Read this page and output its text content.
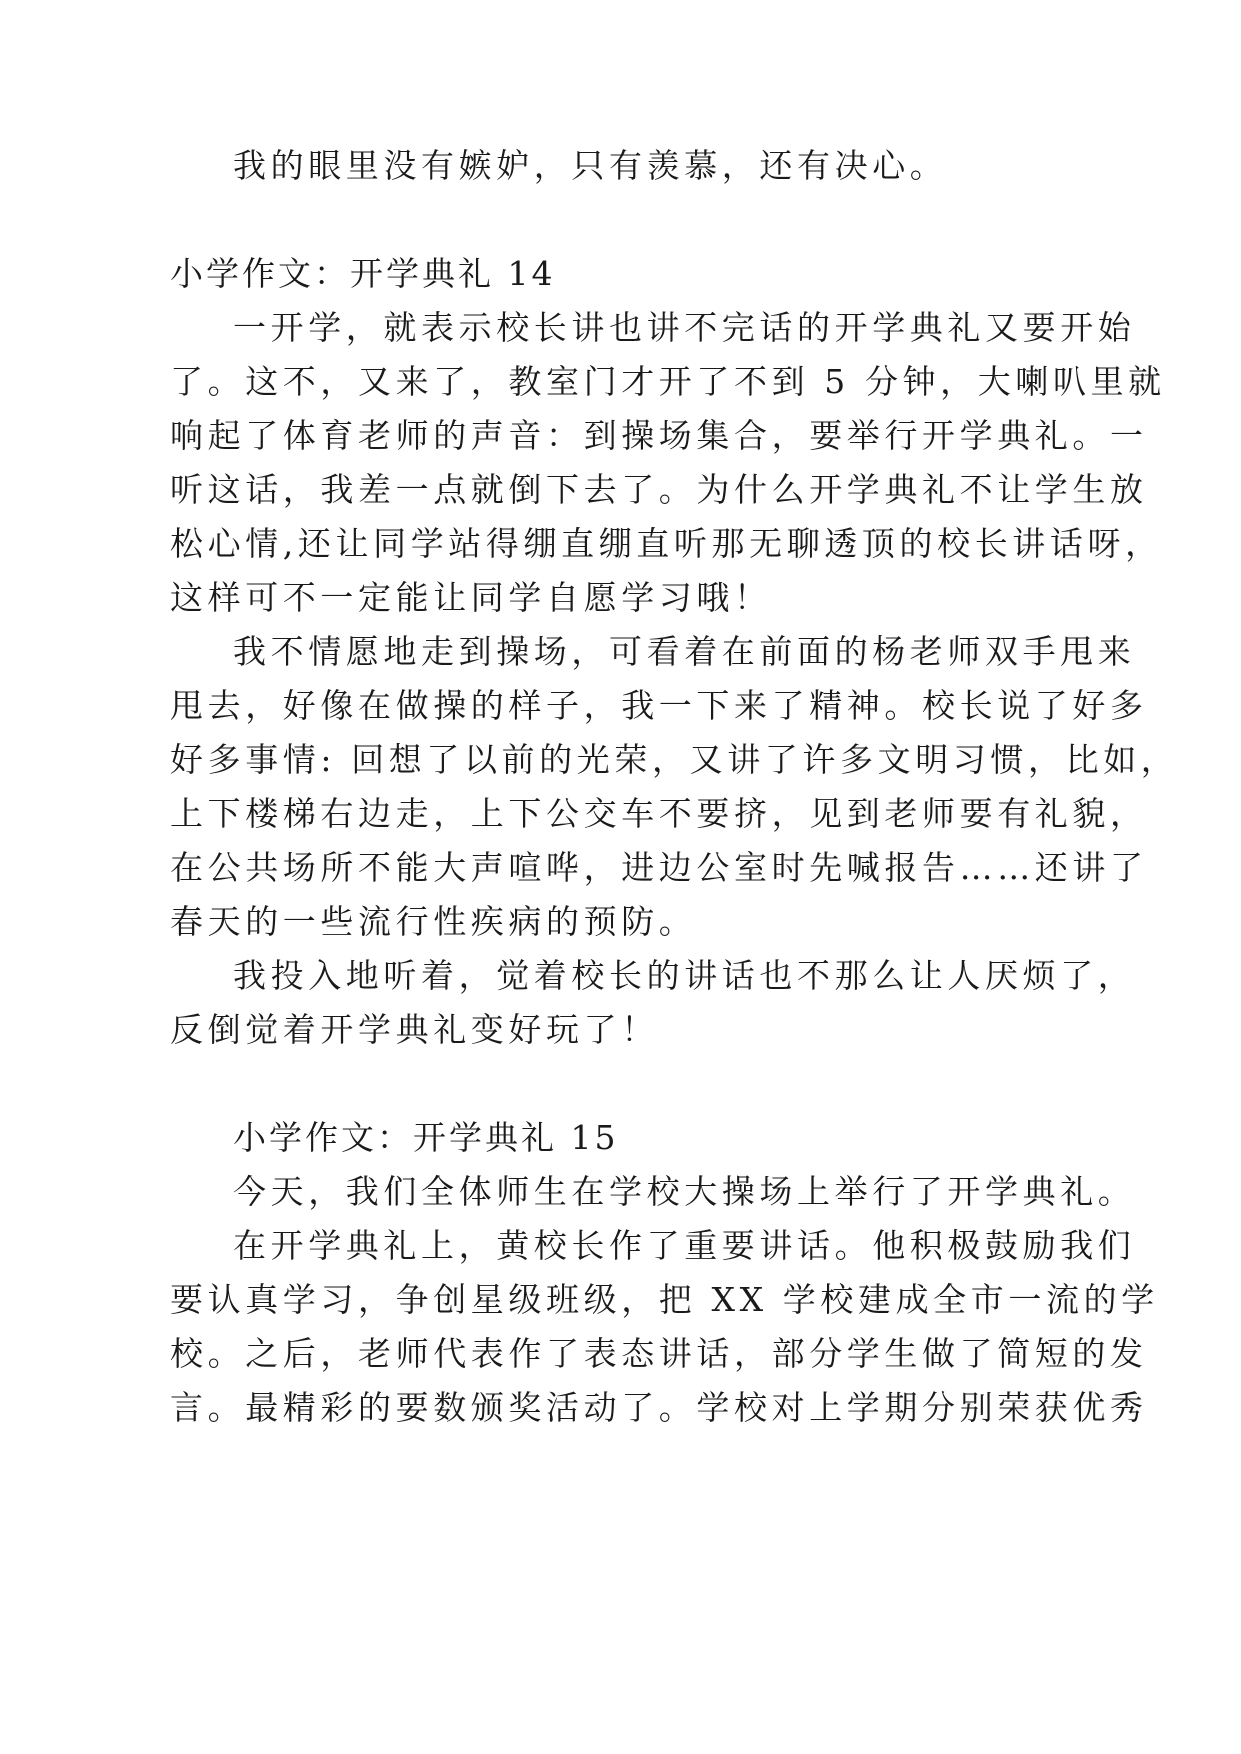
我的眼里没有嫉妒，只有羡慕，还有决心。
小学作文：开学典礼 14
一开学，就表示校长讲也讲不完话的开学典礼又要开始
了。这不，又来了，教室门才开了不到 5 分钟，大喇叭里就
响起了体育老师的声音：到操场集合，要举行开学典礼。一
听这话，我差一点就倒下去了。为什么开学典礼不让学生放
松心情,还让同学站得绷直绷直听那无聊透顶的校长讲话呀，
这样可不一定能让同学自愿学习哦！
我不情愿地走到操场，可看着在前面的杨老师双手甩来
甩去，好像在做操的样子，我一下来了精神。校长说了好多
好多事情: 回想了以前的光荣，又讲了许多文明习惯，比如，
上下楼梯右边走，上下公交车不要挤，见到老师要有礼貌，
在公共场所不能大声喧哗，进边公室时先喊报告……还讲了
春天的一些流行性疾病的预防。
我投入地听着，觉着校长的讲话也不那么让人厌烦了，
反倒觉着开学典礼变好玩了！
小学作文：开学典礼 15
今天，我们全体师生在学校大操场上举行了开学典礼。
在开学典礼上，黄校长作了重要讲话。他积极鼓励我们
要认真学习，争创星级班级，把 XX 学校建成全市一流的学
校。之后，老师代表作了表态讲话，部分学生做了简短的发
言。最精彩的要数颁奖活动了。学校对上学期分别荣获优秀
